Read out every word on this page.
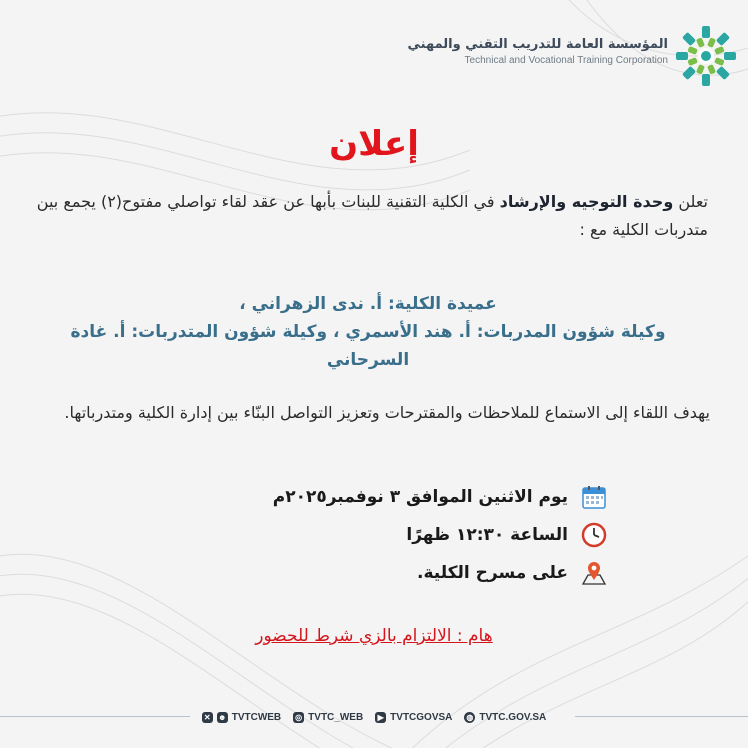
المؤسسة العامة للتدريب التقني والمهني
Technical and Vocational Training Corporation
إعلان
تعلن وحدة التوجيه والإرشاد في الكلية التقنية للبنات بأبها عن عقد لقاء تواصلي مفتوح(٢) يجمع بين متدربات الكلية مع :
عميدة الكلية: أ. ندى الزهراني ،
وكيلة شؤون المدربات: أ. هند الأسمري ، وكيلة شؤون المتدربات: أ. غادة السرحاني
يهدف اللقاء إلى الاستماع للملاحظات والمقترحات وتعزيز التواصل البنّاء بين إدارة الكلية ومتدرباتها.
يوم الاثنين الموافق ٣ نوفمبر٢٠٢٥م
الساعة ١٢:٣٠ ظهرًا
على مسرح الكلية.
هام : الالتزام بالزي شرط للحضور
✕ ☻ TVTCWEB ◎ TVTC_WEB	▶ TVTCGOVSA ◍ TVTC.GOV.SA
